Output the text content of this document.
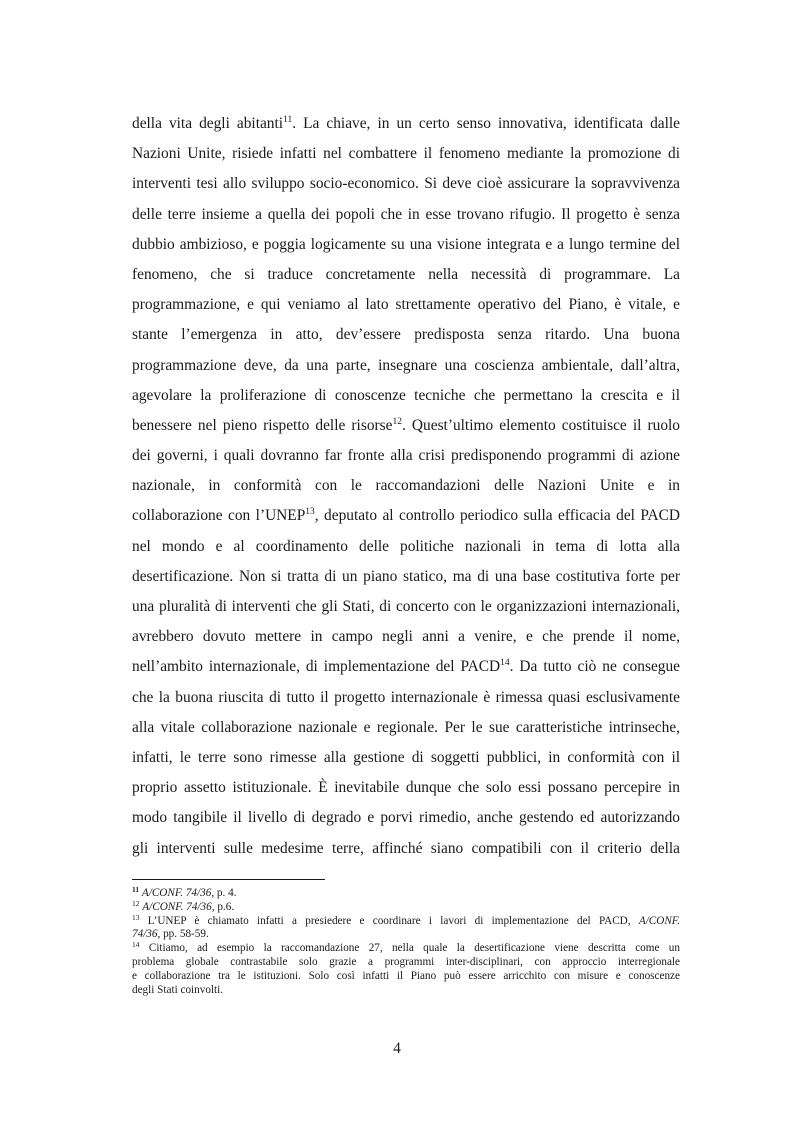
della vita degli abitanti$^{11}$. La chiave, in un certo senso innovativa, identificata dalle
Nazioni Unite, risiede infatti nel combattere il fenomeno mediante la promozione di
interventi tesi allo sviluppo socio-economico. Si deve cioè assicurare la sopravvivenza
delle terre insieme a quella dei popoli che in esse trovano rifugio. Il progetto è senza
dubbio ambizioso, e poggia logicamente su una visione integrata e a lungo termine del
fenomeno, che si traduce concretamente nella necessità di programmare. La
programmazione, e qui veniamo al lato strettamente operativo del Piano, è vitale, e
stante l’emergenza in atto, dev’essere predisposta senza ritardo. Una buona
programmazione deve, da una parte, insegnare una coscienza ambientale, dall’altra,
agevolare la proliferazione di conoscenze tecniche che permettano la crescita e il
benessere nel pieno rispetto delle risorse$^{12}$. Quest’ultimo elemento costituisce il ruolo
dei governi, i quali dovranno far fronte alla crisi predisponendo programmi di azione
nazionale, in conformità con le raccomandazioni delle Nazioni Unite e in
collaborazione con l’UNEP$^{13}$, deputato al controllo periodico sulla efficacia del PACD
nel mondo e al coordinamento delle politiche nazionali in tema di lotta alla
desertificazione. Non si tratta di un piano statico, ma di una base costitutiva forte per
una pluralità di interventi che gli Stati, di concerto con le organizzazioni internazionali,
avrebbero dovuto mettere in campo negli anni a venire, e che prende il nome,
nell’ambito internazionale, di implementazione del PACD$^{14}$. Da tutto ciò ne consegue
che la buona riuscita di tutto il progetto internazionale è rimessa quasi esclusivamente
alla vitale collaborazione nazionale e regionale. Per le sue caratteristiche intrinseche,
infatti, le terre sono rimesse alla gestione di soggetti pubblici, in conformità con il
proprio assetto istituzionale. È inevitabile dunque che solo essi possano percepire in
modo tangibile il livello di degrado e porvi rimedio, anche gestendo ed autorizzando
gli interventi sulle medesime terre, affinché siano compatibili con il criterio della

$^{11}$ A/CONF. 74/36, p. 4.

$^{12}$ A/CONF. 74/36, p.6.

$^{13}$ L’UNEP è chiamato infatti a presiedere e coordinare i lavori di implementazione del PACD, A/CONF.
74/36, pp. 58-59.

$^{14}$ Citiamo, ad esempio la raccomandazione 27, nella quale la desertificazione viene descritta come un
problema globale contrastabile solo grazie a programmi inter-disciplinari, con approccio interregionale
e collaborazione tra le istituzioni. Solo così infatti il Piano può essere arricchito con misure e conoscenze
degli Stati coinvolti.

4
